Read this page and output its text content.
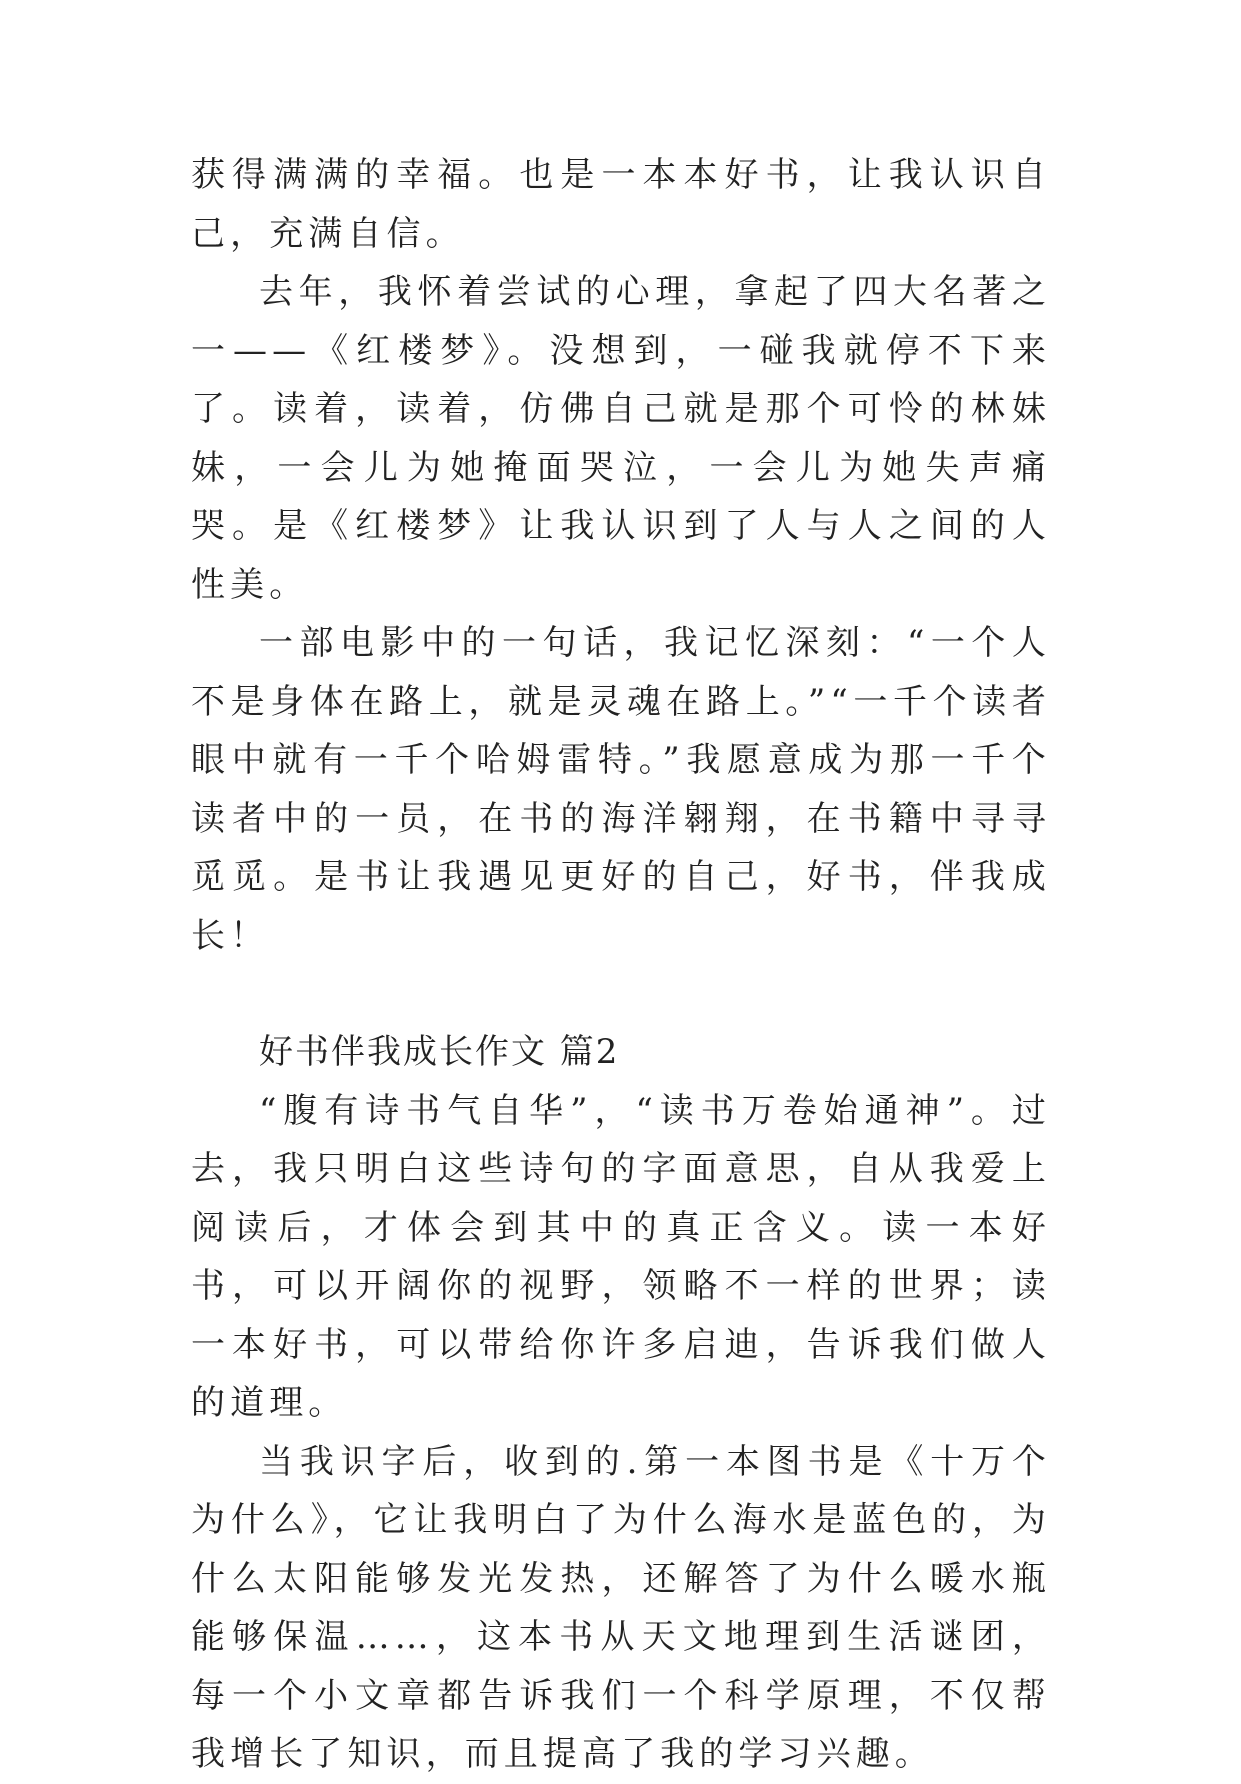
获得满满的幸福。也是一本本好书，让我认识自己，充满自信。

去年，我怀着尝试的心理，拿起了四大名著之一——《红楼梦》。没想到，一碰我就停不下来了。读着，读着，仿佛自己就是那个可怜的林妹妹，一会儿为她掩面哭泣，一会儿为她失声痛哭。是《红楼梦》让我认识到了人与人之间的人性美。

一部电影中的一句话，我记忆深刻：“一个人不是身体在路上，就是灵魂在路上。”“一千个读者眼中就有一千个哈姆雷特。”我愿意成为那一千个读者中的一员，在书的海洋翱翔，在书籍中寻寻觅觅。是书让我遇见更好的自己，好书，伴我成长！

好书伴我成长作文 篇2

“腹有诗书气自华”，“读书万卷始通神”。过去，我只明白这些诗句的字面意思，自从我爱上阅读后，才体会到其中的真正含义。读一本好书，可以开阔你的视野，领略不一样的世界；读一本好书，可以带给你许多启迪，告诉我们做人的道理。

当我识字后，收到的.第一本图书是《十万个为什么》，它让我明白了为什么海水是蓝色的，为什么太阳能够发光发热，还解答了为什么暖水瓶能够保温……，这本书从天文地理到生活谜团，每一个小文章都告诉我们一个科学原理，不仅帮我增长了知识，而且提高了我的学习兴趣。
